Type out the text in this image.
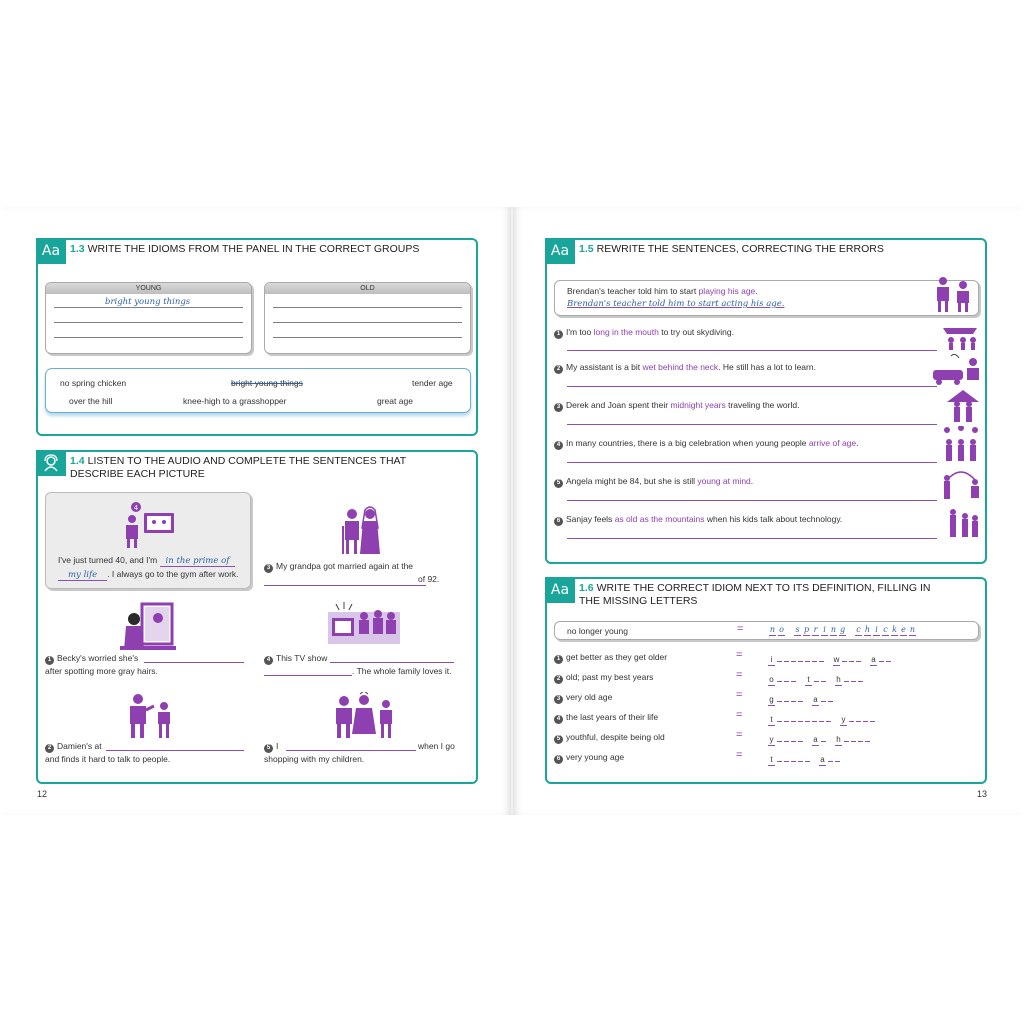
Aa 1.3 WRITE THE IDIOMS FROM THE PANEL IN THE CORRECT GROUPS
YOUNG
bright young things
OLD
no spring chicken	bright young things	tender age
over the hill	knee-high to a grasshopper	great age
1.4 LISTEN TO THE AUDIO AND COMPLETE THE SENTENCES THAT
DESCRIBE EACH PICTURE
4
I've just turned 40, and I'm in the prime of
my life . I always go to the gym after work.
3 My grandpa got married again at the
of 92.
1 Becky's worried she's
after spotting more gray hairs.
4 This TV show
. The whole family loves it.
2 Damien's at
and finds it hard to talk to people.
5 I	when I go
shopping with my children.
12
Aa 1.5 REWRITE THE SENTENCES, CORRECTING THE ERRORS
Brendan's teacher told him to start playing his age.
Brendan's teacher told him to start acting his age.
1 I'm too long in the mouth to try out skydiving.
2 My assistant is a bit wet behind the neck. He still has a lot to learn.
3 Derek and Joan spent their midnight years traveling the world.
4 In many countries, there is a big celebration when young people arrive of age.
5 Angela might be 84, but she is still young at mind.
6 Sanjay feels as old as the mountains when his kids talk about technology.
Aa 1.6 WRITE THE CORRECT IDIOM NEXT TO ITS DEFINITION, FILLING IN
THE MISSING LETTERS
no longer young	=	n o s p r i n g c h i c k e n
1 get better as they get older	=	i	w	a
2 old; past my best years	=	o	t	h
3 very old age	=	g	a
4 the last years of their life	=	t	y
5 youthful, despite being old	=	y	a h
6 very young age	=	t	a
13
